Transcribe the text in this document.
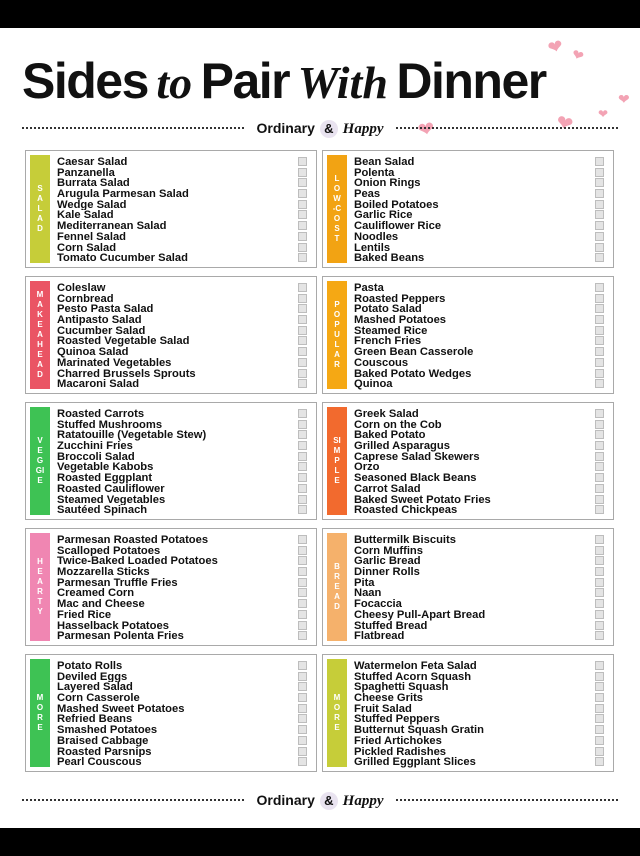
Sides to Pair With Dinner
❤ ❤
❤
❤
❤	❤
Ordinary & Happy
SALAD
Caesar Salad
Panzanella
Burrata Salad
Arugula Parmesan Salad
Wedge Salad
Kale Salad
Mediterranean Salad
Fennel Salad
Corn Salad
Tomato Cucumber Salad
LOW-COST
Bean Salad
Polenta
Onion Rings
Peas
Boiled Potatoes
Garlic Rice
Cauliflower Rice
Noodles
Lentils
Baked Beans
MAKE AHEAD
Coleslaw
Cornbread
Pesto Pasta Salad
Antipasto Salad
Cucumber Salad
Roasted Vegetable Salad
Quinoa Salad
Marinated Vegetables
Charred Brussels Sprouts
Macaroni Salad
POPULAR
Pasta
Roasted Peppers
Potato Salad
Mashed Potatoes
Steamed Rice
French Fries
Green Bean Casserole
Couscous
Baked Potato Wedges
Quinoa
VEGGIE
Roasted Carrots
Stuffed Mushrooms
Ratatouille (Vegetable Stew)
Zucchini Fries
Broccoli Salad
Vegetable Kabobs
Roasted Eggplant
Roasted Cauliflower
Steamed Vegetables
Sautéed Spinach
SIMPLE
Greek Salad
Corn on the Cob
Baked Potato
Grilled Asparagus
Caprese Salad Skewers
Orzo
Seasoned Black Beans
Carrot Salad
Baked Sweet Potato Fries
Roasted Chickpeas
HEARTY
Parmesan Roasted Potatoes
Scalloped Potatoes
Twice-Baked Loaded Potatoes
Mozzarella Sticks
Parmesan Truffle Fries
Creamed Corn
Mac and Cheese
Fried Rice
Hasselback Potatoes
Parmesan Polenta Fries
BREAD
Buttermilk Biscuits
Corn Muffins
Garlic Bread
Dinner Rolls
Pita
Naan
Focaccia
Cheesy Pull-Apart Bread
Stuffed Bread
Flatbread
MORE
Potato Rolls
Deviled Eggs
Layered Salad
Corn Casserole
Mashed Sweet Potatoes
Refried Beans
Smashed Potatoes
Braised Cabbage
Roasted Parsnips
Pearl Couscous
MORE
Watermelon Feta Salad
Stuffed Acorn Squash
Spaghetti Squash
Cheese Grits
Fruit Salad
Stuffed Peppers
Butternut Squash Gratin
Fried Artichokes
Pickled Radishes
Grilled Eggplant Slices
Ordinary & Happy
